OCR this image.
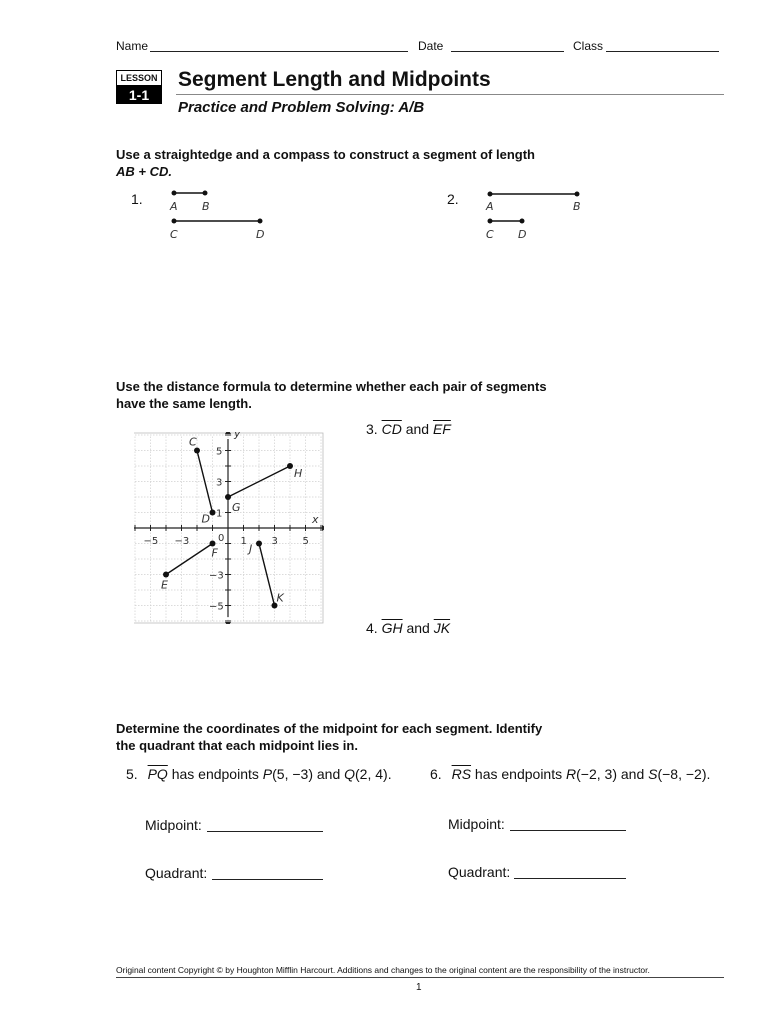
Name	Date	Class
LESSON
1-1
Segment Length and Midpoints
Practice and Problem Solving: A/B
Use a straightedge and a compass to construct a segment of length
AB + CD.
1. A B
C	D
2. A	B
C D
Use the distance formula to determine whether each pair of segments
have the same length.
−5 −3	1 3 5
5
3
1
−3
−5
0
y
x
C
D
E
F
G
H
J
K
3. $\overline{CD}$ and $\overline{EF}$
4. $\overline{GH}$ and $\overline{JK}$
Determine the coordinates of the midpoint for each segment. Identify
the quadrant that each midpoint lies in.
5. $\overline{PQ}$ has endpoints P(5, −3) and Q(2, 4).	6. $\overline{RS}$ has endpoints R(−2, 3) and S(−8, −2).
Midpoint:	Midpoint:
Quadrant:	Quadrant:
Original content Copyright © by Houghton Mifflin Harcourt. Additions and changes to the original content are the responsibility of the instructor.
1
